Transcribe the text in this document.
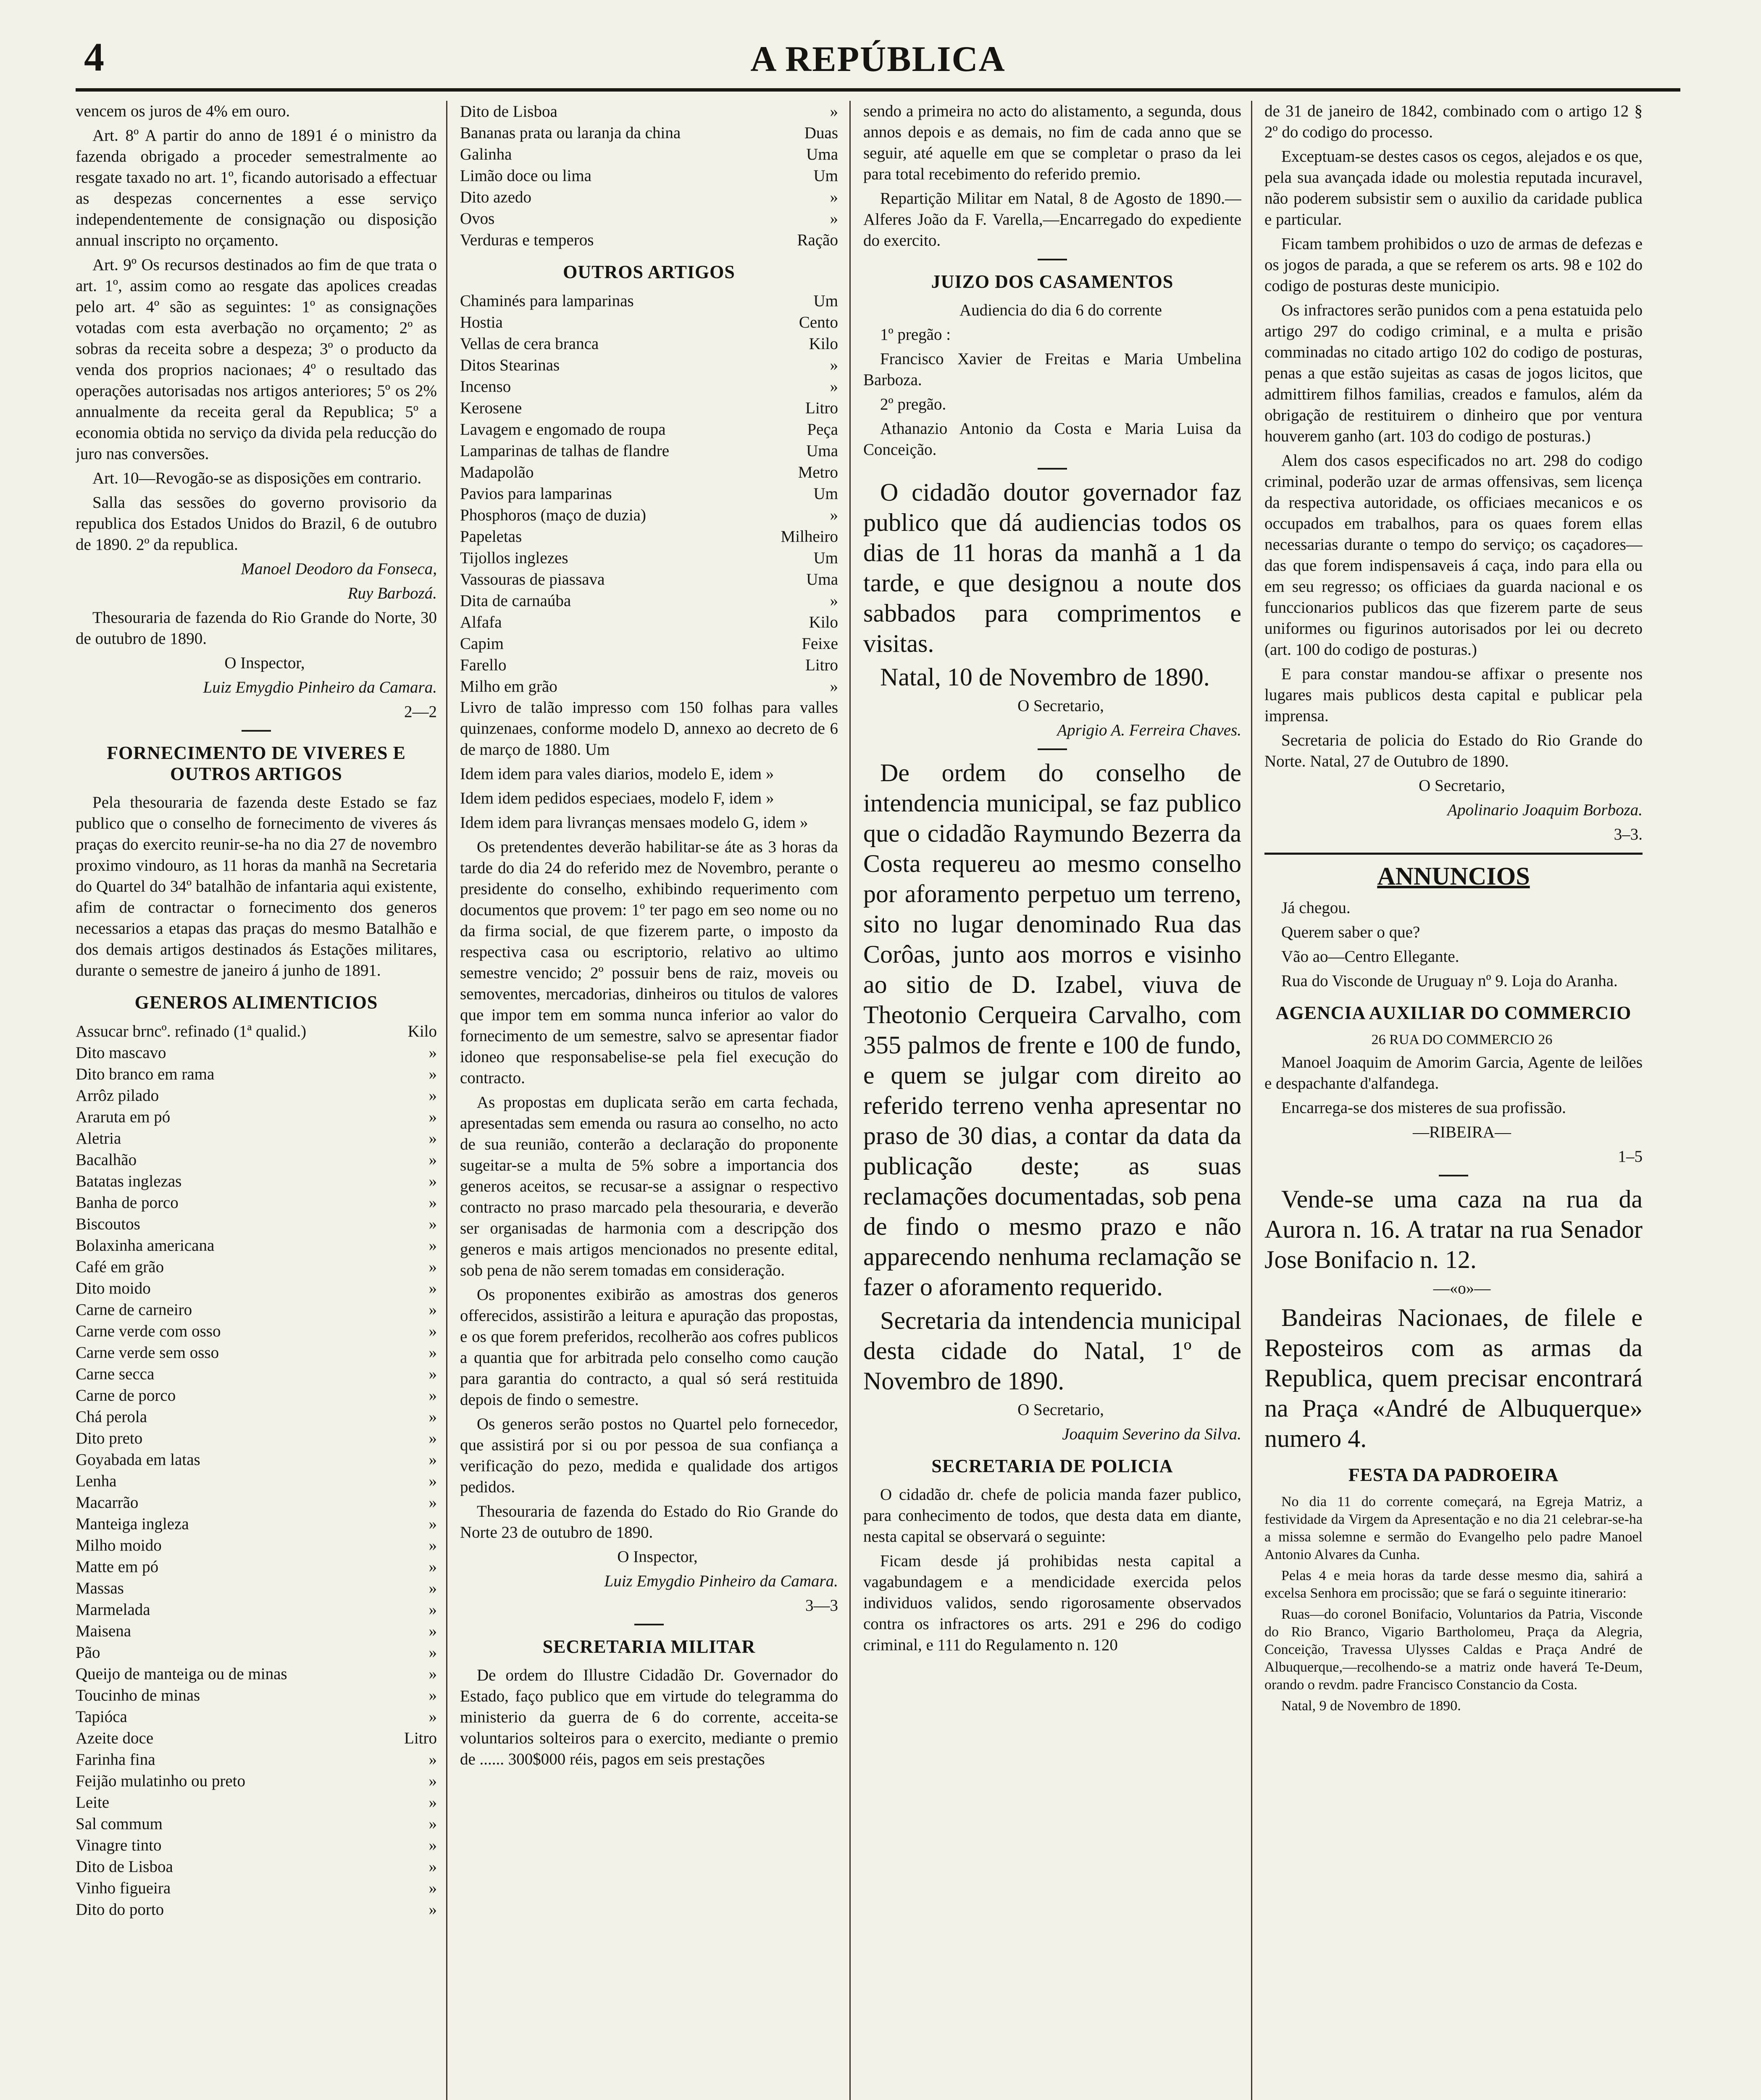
4	A REPÚBLICA

vencem os juros de 4% em ouro.

Art. 8º A partir do anno de 1891 é o ministro da fazenda obrigado a proceder semestralmente ao resgate taxado no art. 1º, ficando autorisado a effectuar as despezas concernentes a esse serviço independentemente de consignação ou disposição annual inscripto no orçamento.

Art. 9º Os recursos destinados ao fim de que trata o art. 1º, assim como ao resgate das apolices creadas pelo art. 4º são as seguintes: 1º as consignações votadas com esta averbação no orçamento; 2º as sobras da receita sobre a despeza; 3º o producto da venda dos proprios nacionaes; 4º o resultado das operações autorisadas nos artigos anteriores; 5º os 2% annualmente da receita geral da Republica; 5º a economia obtida no serviço da divida pela reducção do juro nas conversões.

Art. 10—Revogão-se as disposições em contrario.

Salla das sessões do governo provisorio da republica dos Estados Unidos do Brazil, 6 de outubro de 1890. 2º da republica.

Manoel Deodoro da Fonseca,

Ruy Barbozá.

Thesouraria de fazenda do Rio Grande do Norte, 30 de outubro de 1890.

O Inspector,

Luiz Emygdio Pinheiro da Camara.

2—2

FORNECIMENTO DE VIVERES E OUTROS ARTIGOS

Pela thesouraria de fazenda deste Estado se faz publico que o conselho de fornecimento de viveres ás praças do exercito reunir-se-ha no dia 27 de novembro proximo vindouro, as 11 horas da manhã na Secretaria do Quartel do 34º batalhão de infantaria aqui existente, afim de contractar o fornecimento dos generos necessarios a etapas das praças do mesmo Batalhão e dos demais artigos destinados ás Estações militares, durante o semestre de janeiro á junho de 1891.

GENEROS ALIMENTICIOS
Assucar brncº. refinado (1ª qualid.)	Kilo
Dito mascavo	»
Dito branco em rama	»
Arrôz pilado	»
Araruta em pó	»
Aletria	»
Bacalhão	»
Batatas inglezas	»
Banha de porco	»
Biscoutos	»
Bolaxinha americana	»
Café em grão	»
Dito moido	»
Carne de carneiro	»
Carne verde com osso	»
Carne verde sem osso	»
Carne secca	»
Carne de porco	»
Chá perola	»
Dito preto	»
Goyabada em latas	»
Lenha	»
Macarrão	»
Manteiga ingleza	»
Milho moido	»
Matte em pó	»
Massas	»
Marmelada	»
Maisena	»
Pão	»
Queijo de manteiga ou de minas	»
Toucinho de minas	»
Tapióca	»
Azeite doce	Litro
Farinha fina	»
Feijão mulatinho ou preto	»
Leite	»
Sal commum	»
Vinagre tinto	»
Dito de Lisboa	»
Vinho figueira	»
Dito do porto	»
Dito de Lisboa	»
Bananas prata ou laranja da china	Duas
Galinha	Uma
Limão doce ou lima	Um
Dito azedo	»
Ovos	»
Verduras e temperos	Ração
OUTROS ARTIGOS
Chaminés para lamparinas	Um
Hostia	Cento
Vellas de cera branca	Kilo
Ditos Stearinas	»
Incenso	»
Kerosene	Litro
Lavagem e engomado de roupa	Peça
Lamparinas de talhas de flandre	Uma
Madapolão	Metro
Pavios para lamparinas	Um
Phosphoros (maço de duzia)	»
Papeletas	Milheiro
Tijollos inglezes	Um
Vassouras de piassava	Uma
Dita de carnaúba	»
Alfafa	Kilo
Capim	Feixe
Farello	Litro
Milho em grão	»

Livro de talão impresso com 150 folhas para valles quinzenaes, conforme modelo D, annexo ao decreto de 6 de março de 1880. Um

Idem idem para vales diarios, modelo E, idem »

Idem idem pedidos especiaes, modelo F, idem »

Idem idem para livranças mensaes modelo G, idem »

Os pretendentes deverão habilitar-se áte as 3 horas da tarde do dia 24 do referido mez de Novembro, perante o presidente do conselho, exhibindo requerimento com documentos que provem: 1º ter pago em seo nome ou no da firma social, de que fizerem parte, o imposto da respectiva casa ou escriptorio, relativo ao ultimo semestre vencido; 2º possuir bens de raiz, moveis ou semoventes, mercadorias, dinheiros ou titulos de valores que impor tem em somma nunca inferior ao valor do fornecimento de um semestre, salvo se apresentar fiador idoneo que responsabelise-se pela fiel execução do contracto.

As propostas em duplicata serão em carta fechada, apresentadas sem emenda ou rasura ao conselho, no acto de sua reunião, conterão a declaração do proponente sugeitar-se a multa de 5% sobre a importancia dos generos aceitos, se recusar-se a assignar o respectivo contracto no praso marcado pela thesouraria, e deverão ser organisadas de harmonia com a descripção dos generos e mais artigos mencionados no presente edital, sob pena de não serem tomadas em consideração.

Os proponentes exibirão as amostras dos generos offerecidos, assistirão a leitura e apuração das propostas, e os que forem preferidos, recolherão aos cofres publicos a quantia que for arbitrada pelo conselho como caução para garantia do contracto, a qual só será restituida depois de findo o semestre.

Os generos serão postos no Quartel pelo fornecedor, que assistirá por si ou por pessoa de sua confiança a verificação do pezo, medida e qualidade dos artigos pedidos.

Thesouraria de fazenda do Estado do Rio Grande do Norte 23 de outubro de 1890.

O Inspector,

Luiz Emygdio Pinheiro da Camara.

3—3

SECRETARIA MILITAR

De ordem do Illustre Cidadão Dr. Governador do Estado, faço publico que em virtude do telegramma do ministerio da guerra de 6 do corrente, acceita-se voluntarios solteiros para o exercito, mediante o premio de ...... 300$000 réis, pagos em seis prestações

sendo a primeira no acto do alistamento, a segunda, dous annos depois e as demais, no fim de cada anno que se seguir, até aquelle em que se completar o praso da lei para total recebimento do referido premio.

Repartição Militar em Natal, 8 de Agosto de 1890.—Alferes João da F. Varella,—Encarregado do expediente do exercito.

JUIZO DOS CASAMENTOS

Audiencia do dia 6 do corrente

1º pregão :

Francisco Xavier de Freitas e Maria Umbelina Barboza.

2º pregão.

Athanazio Antonio da Costa e Maria Luisa da Conceição.

O cidadão doutor governador faz publico que dá audiencias todos os dias de 11 horas da manhã a 1 da tarde, e que designou a noute dos sabbados para comprimentos e visitas.

Natal, 10 de Novembro de 1890.

O Secretario,

Aprigio A. Ferreira Chaves.

De ordem do conselho de intendencia municipal, se faz publico que o cidadão Raymundo Bezerra da Costa requereu ao mesmo conselho por aforamento perpetuo um terreno, sito no lugar denominado Rua das Corôas, junto aos morros e visinho ao sitio de D. Izabel, viuva de Theotonio Cerqueira Carvalho, com 355 palmos de frente e 100 de fundo, e quem se julgar com direito ao referido terreno venha apresentar no praso de 30 dias, a contar da data da publicação deste; as suas reclamações documentadas, sob pena de findo o mesmo prazo e não apparecendo nenhuma reclamação se fazer o aforamento requerido.

Secretaria da intendencia municipal desta cidade do Natal, 1º de Novembro de 1890.

O Secretario,

Joaquim Severino da Silva.

SECRETARIA DE POLICIA

O cidadão dr. chefe de policia manda fazer publico, para conhecimento de todos, que desta data em diante, nesta capital se observará o seguinte:

Ficam desde já prohibidas nesta capital a vagabundagem e a mendicidade exercida pelos individuos validos, sendo rigorosamente observados contra os infractores os arts. 291 e 296 do codigo criminal, e 111 do Regulamento n. 120

de 31 de janeiro de 1842, combinado com o artigo 12 § 2º do codigo do processo.

Exceptuam-se destes casos os cegos, alejados e os que, pela sua avançada idade ou molestia reputada incuravel, não poderem subsistir sem o auxilio da caridade publica e particular.

Ficam tambem prohibidos o uzo de armas de defezas e os jogos de parada, a que se referem os arts. 98 e 102 do codigo de posturas deste municipio.

Os infractores serão punidos com a pena estatuida pelo artigo 297 do codigo criminal, e a multa e prisão comminadas no citado artigo 102 do codigo de posturas, penas a que estão sujeitas as casas de jogos licitos, que admittirem filhos familias, creados e famulos, além da obrigação de restituirem o dinheiro que por ventura houverem ganho (art. 103 do codigo de posturas.)

Alem dos casos especificados no art. 298 do codigo criminal, poderão uzar de armas offensivas, sem licença da respectiva autoridade, os officiaes mecanicos e os occupados em trabalhos, para os quaes forem ellas necessarias durante o tempo do serviço; os caçadores—das que forem indispensaveis á caça, indo para ella ou em seu regresso; os officiaes da guarda nacional e os funccionarios publicos das que fizerem parte de seus uniformes ou figurinos autorisados por lei ou decreto (art. 100 do codigo de posturas.)

E para constar mandou-se affixar o presente nos lugares mais publicos desta capital e publicar pela imprensa.

Secretaria de policia do Estado do Rio Grande do Norte. Natal, 27 de Outubro de 1890.

O Secretario,

Apolinario Joaquim Borboza.

3–3.

ANNUNCIOS

Já chegou.

Querem saber o que?

Vão ao—Centro Ellegante.

Rua do Visconde de Uruguay nº 9. Loja do Aranha.

AGENCIA AUXILIAR DO COMMERCIO

26 RUA DO COMMERCIO 26

Manoel Joaquim de Amorim Garcia, Agente de leilões e despachante d'alfandega.

Encarrega-se dos misteres de sua profissão.

—RIBEIRA—

1–5

Vende-se uma caza na rua da Aurora n. 16. A tratar na rua Senador Jose Bonifacio n. 12.

—«o»—

Bandeiras Nacionaes, de filele e Reposteiros com as armas da Republica, quem precisar encontrará na Praça «André de Albuquerque» numero 4.

FESTA DA PADROEIRA

No dia 11 do corrente começará, na Egreja Matriz, a festividade da Virgem da Apresentação e no dia 21 celebrar-se-ha a missa solemne e sermão do Evangelho pelo padre Manoel Antonio Alvares da Cunha.

Pelas 4 e meia horas da tarde desse mesmo dia, sahirá a excelsa Senhora em procissão; que se fará o seguinte itinerario:

Ruas—do coronel Bonifacio, Voluntarios da Patria, Visconde do Rio Branco, Vigario Bartholomeu, Praça da Alegria, Conceição, Travessa Ulysses Caldas e Praça André de Albuquerque,—recolhendo-se a matriz onde haverá Te-Deum, orando o revdm. padre Francisco Constancio da Costa.

Natal, 9 de Novembro de 1890.
